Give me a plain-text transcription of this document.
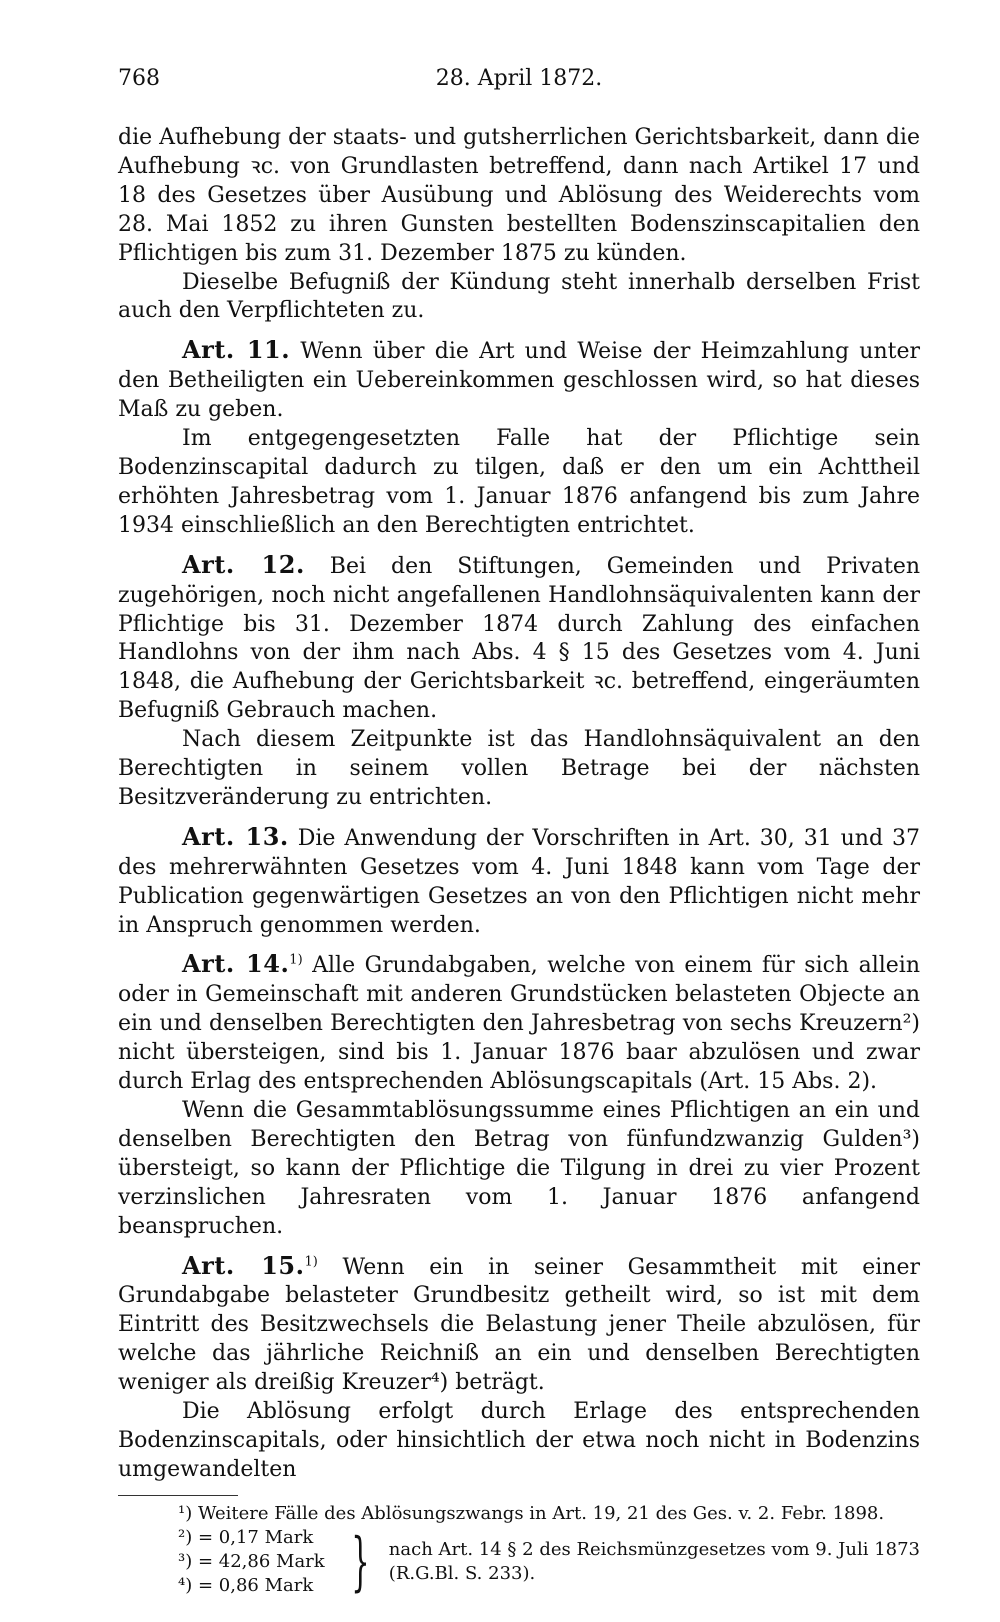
768	28. April 1872.

die Aufhebung der staats- und gutsherrlichen Gerichtsbarkeit, dann die Aufhebung ꝛc. von Grundlasten betreffend, dann nach Artikel 17 und 18 des Gesetzes über Ausübung und Ablösung des Weiderechts vom 28. Mai 1852 zu ihren Gunsten bestellten Bodenszinscapitalien den Pflichtigen bis zum 31. Dezember 1875 zu künden.

Dieselbe Befugniß der Kündung steht innerhalb derselben Frist auch den Verpflichteten zu.

Art. 11. Wenn über die Art und Weise der Heimzahlung unter den Betheiligten ein Uebereinkommen geschlossen wird, so hat dieses Maß zu geben.

Im entgegengesetzten Falle hat der Pflichtige sein Bodenzinscapital dadurch zu tilgen, daß er den um ein Achttheil erhöhten Jahresbetrag vom 1. Januar 1876 anfangend bis zum Jahre 1934 einschließlich an den Berechtigten entrichtet.

Art. 12. Bei den Stiftungen, Gemeinden und Privaten zugehörigen, noch nicht angefallenen Handlohnsäquivalenten kann der Pflichtige bis 31. Dezember 1874 durch Zahlung des einfachen Handlohns von der ihm nach Abs. 4 § 15 des Gesetzes vom 4. Juni 1848, die Aufhebung der Gerichtsbarkeit ꝛc. betreffend, eingeräumten Befugniß Gebrauch machen.

Nach diesem Zeitpunkte ist das Handlohnsäquivalent an den Berechtigten in seinem vollen Betrage bei der nächsten Besitzveränderung zu entrichten.

Art. 13. Die Anwendung der Vorschriften in Art. 30, 31 und 37 des mehrerwähnten Gesetzes vom 4. Juni 1848 kann vom Tage der Publication gegenwärtigen Gesetzes an von den Pflichtigen nicht mehr in Anspruch genommen werden.

Art. 14.$^{1)}$ Alle Grundabgaben, welche von einem für sich allein oder in Gemeinschaft mit anderen Grundstücken belasteten Objecte an ein und denselben Berechtigten den Jahresbetrag von sechs Kreuzern²) nicht übersteigen, sind bis 1. Januar 1876 baar abzulösen und zwar durch Erlag des entsprechenden Ablösungscapitals (Art. 15 Abs. 2).

Wenn die Gesammtablösungssumme eines Pflichtigen an ein und denselben Berechtigten den Betrag von fünfundzwanzig Gulden³) übersteigt, so kann der Pflichtige die Tilgung in drei zu vier Prozent verzinslichen Jahresraten vom 1. Januar 1876 anfangend beanspruchen.

Art. 15.$^{1)}$ Wenn ein in seiner Gesammtheit mit einer Grundabgabe belasteter Grundbesitz getheilt wird, so ist mit dem Eintritt des Besitzwechsels die Belastung jener Theile abzulösen, für welche das jährliche Reichniß an ein und denselben Berechtigten weniger als dreißig Kreuzer⁴) beträgt.

Die Ablösung erfolgt durch Erlage des entsprechenden Bodenzinscapitals, oder hinsichtlich der etwa noch nicht in Bodenzins umgewandelten

¹) Weitere Fälle des Ablösungszwangs in Art. 19, 21 des Ges. v. 2. Febr. 1898.

²) = 0,17 Mark
³) = 42,86 Mark
⁴) = 0,86 Mark } nach Art. 14 § 2 des Reichsmünzgesetzes vom 9. Juli 1873
(R.G.Bl. S. 233).
